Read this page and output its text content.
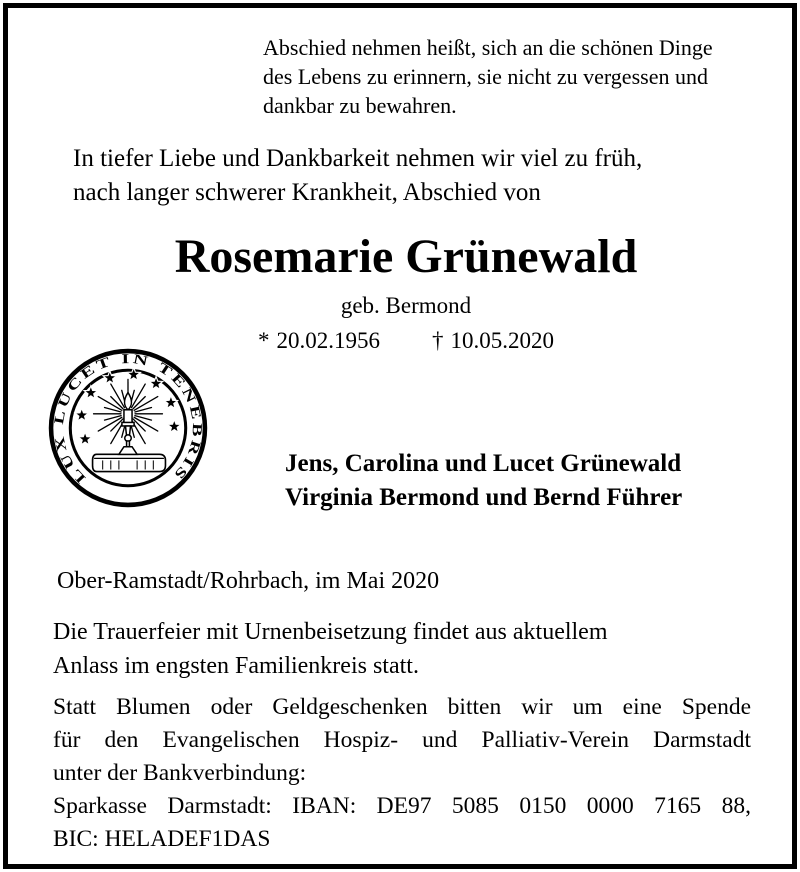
Abschied nehmen heißt, sich an die schönen Dinge
des Lebens zu erinnern, sie nicht zu vergessen und
dankbar zu bewahren.
In tiefer Liebe und Dankbarkeit nehmen wir viel zu früh,
nach langer schwerer Krankheit, Abschied von
Rosemarie Grünewald
geb. Bermond
* 20.02.1956 † 10.05.2020
LUX LUCET IN TENEBRIS	Jens, Carolina und Lucet Grünewald
Virginia Bermond und Bernd Führer
Ober-Ramstadt/Rohrbach, im Mai 2020
Die Trauerfeier mit Urnenbeisetzung findet aus aktuellem
Anlass im engsten Familienkreis statt.
Statt Blumen oder Geldgeschenken bitten wir um eine Spende
für den Evangelischen Hospiz- und Palliativ-Verein Darmstadt
unter der Bankverbindung:
Sparkasse Darmstadt: IBAN: DE97 5085 0150 0000 7165 88,
BIC: HELADEF1DAS
